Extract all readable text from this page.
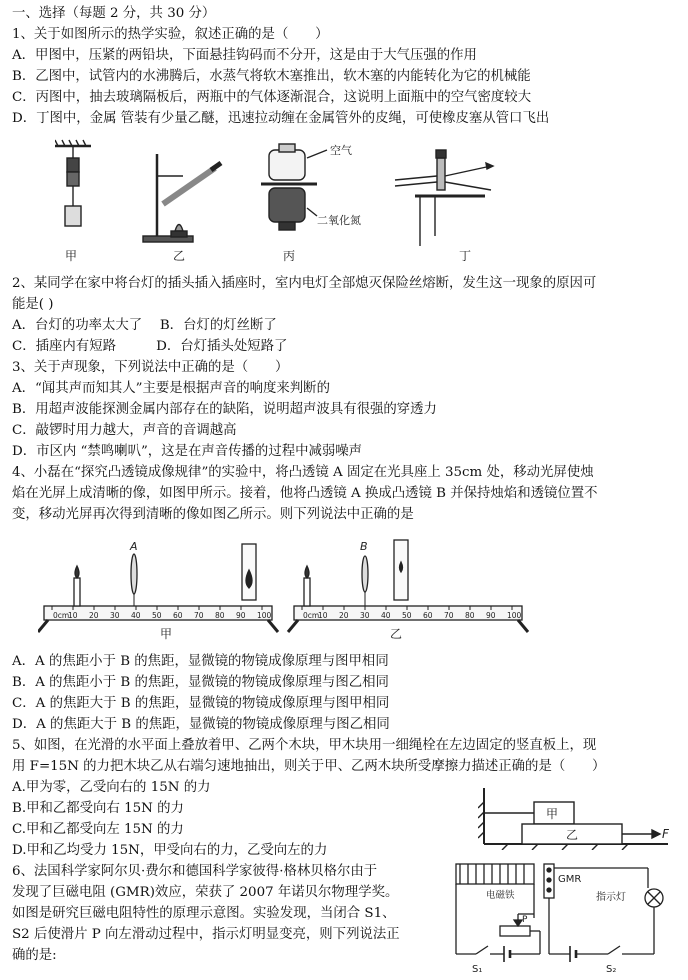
一、选择（每题 2 分，共 30 分）
1、关于如图所示的热学实验，叙述正确的是（　　）
A．甲图中，压紧的两铅块，下面悬挂钩码而不分开，这是由于大气压强的作用
B．乙图中，试管内的水沸腾后，水蒸气将软木塞推出，软木塞的内能转化为它的机械能
C．丙图中，抽去玻璃隔板后，两瓶中的气体逐渐混合，这说明上面瓶中的空气密度较大
D．丁图中，金属 管装有少量乙醚，迅速拉动缠在金属管外的皮绳，可使橡皮塞从管口飞出
空气
二氧化氮
甲	乙	丙	丁
2、某同学在家中将台灯的插头插入插座时，室内电灯全部熄灭保险丝熔断，发生这一现象的原因可
能是( )
A．台灯的功率太大了　 B．台灯的灯丝断了
C．插座内有短路　　　D．台灯插头处短路了
3、关于声现象，下列说法中正确的是（　　）
A．“闻其声而知其人”主要是根据声音的响度来判断的
B．用超声波能探测金属内部存在的缺陷，说明超声波具有很强的穿透力
C．敲锣时用力越大，声音的音调越高
D．市区内 “禁鸣喇叭”，这是在声音传播的过程中减弱噪声
4、小磊在“探究凸透镜成像规律”的实验中，将凸透镜 A 固定在光具座上 35cm 处，移动光屏使烛
焰在光屏上成清晰的像，如图甲所示。接着，他将凸透镜 A 换成凸透镜 B 并保持烛焰和透镜位置不
变，移动光屏再次得到清晰的像如图乙所示。则下列说法中正确的是
A	B
0cm
10 20 30 40 50 60 70 80 90 100	0cm
10 20 30 40 50 60 70 80 90 100
甲	乙
A．A 的焦距小于 B 的焦距，显微镜的物镜成像原理与图甲相同
B．A 的焦距小于 B 的焦距，显微镜的物镜成像原理与图乙相同
C．A 的焦距大于 B 的焦距，显微镜的物镜成像原理与图甲相同
D．A 的焦距大于 B 的焦距，显微镜的物镜成像原理与图乙相同
5、如图，在光滑的水平面上叠放着甲、乙两个木块，甲木块用一细绳栓在左边固定的竖直板上，现
用 F=15N 的力把木块乙从右端匀速地抽出，则关于甲、乙两木块所受摩擦力描述正确的是（　　）
A.甲为零，乙受向右的 15N 的力
B.甲和乙都受向右 15N 的力
C.甲和乙都受向左 15N 的力
D.甲和乙均受力 15N，甲受向右的力，乙受向左的力
甲
乙	F
6、法国科学家阿尔贝·费尔和德国科学家彼得·格林贝格尔由于
发现了巨磁电阻 (GMR)效应，荣获了 2007 年诺贝尔物理学奖。
如图是研究巨磁电阻特性的原理示意图。实验发现，当闭合 S1、
S2 后使滑片 P 向左滑动过程中，指示灯明显变亮，则下列说法正
确的是:
电磁铁
GMR
指示灯
P
S₁	S₂
